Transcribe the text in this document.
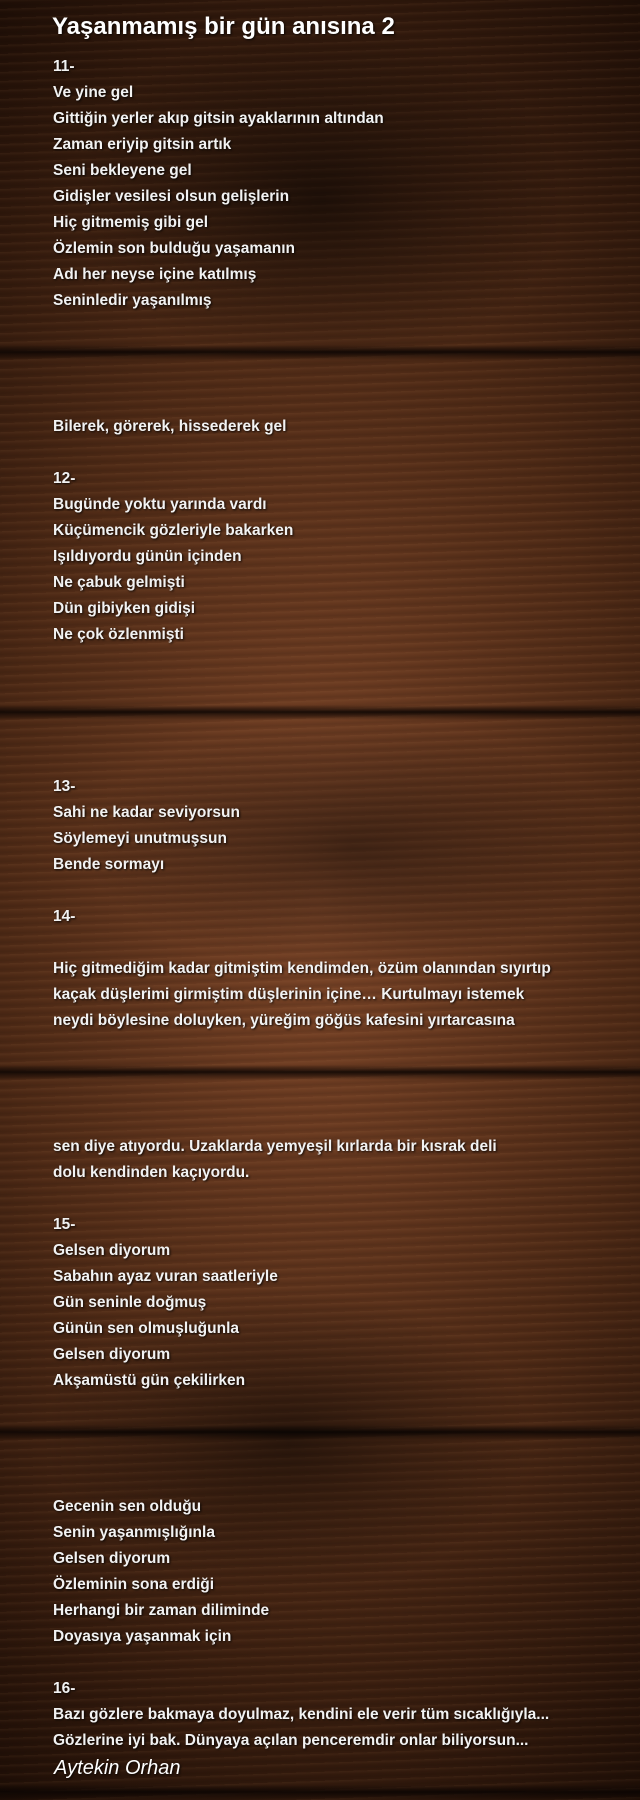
Yaşanmamış bir gün anısına 2
11-
Ve yine gel
Gittiğin yerler akıp gitsin ayaklarının altından
Zaman eriyip gitsin artık
Seni bekleyene gel
Gidişler vesilesi olsun gelişlerin
Hiç gitmemiş gibi gel
Özlemin son bulduğu yaşamanın
Adı her neyse içine katılmış
Seninledir yaşanılmış
Bilerek, görerek, hissederek gel
12-
Bugünde yoktu yarında vardı
Küçümencik gözleriyle bakarken
Işıldıyordu günün içinden
Ne çabuk gelmişti
Dün gibiyken gidişi
Ne çok özlenmişti
13-
Sahi ne kadar seviyorsun
Söylemeyi unutmuşsun
Bende sormayı
14-
Hiç gitmediğim kadar gitmiştim kendimden, özüm olanından sıyırtıp
kaçak düşlerimi girmiştim düşlerinin içine… Kurtulmayı istemek
neydi böylesine doluyken, yüreğim göğüs kafesini yırtarcasına
sen diye atıyordu. Uzaklarda yemyeşil kırlarda bir kısrak deli
dolu kendinden kaçıyordu.
15-
Gelsen diyorum
Sabahın ayaz vuran saatleriyle
Gün seninle doğmuş
Günün sen olmuşluğunla
Gelsen diyorum
Akşamüstü gün çekilirken
Gecenin sen olduğu
Senin yaşanmışlığınla
Gelsen diyorum
Özleminin sona erdiği
Herhangi bir zaman diliminde
Doyasıya yaşanmak için
16-
Bazı gözlere bakmaya doyulmaz, kendini ele verir tüm sıcaklığıyla...
Gözlerine iyi bak. Dünyaya açılan penceremdir onlar biliyorsun...
Aytekin Orhan
